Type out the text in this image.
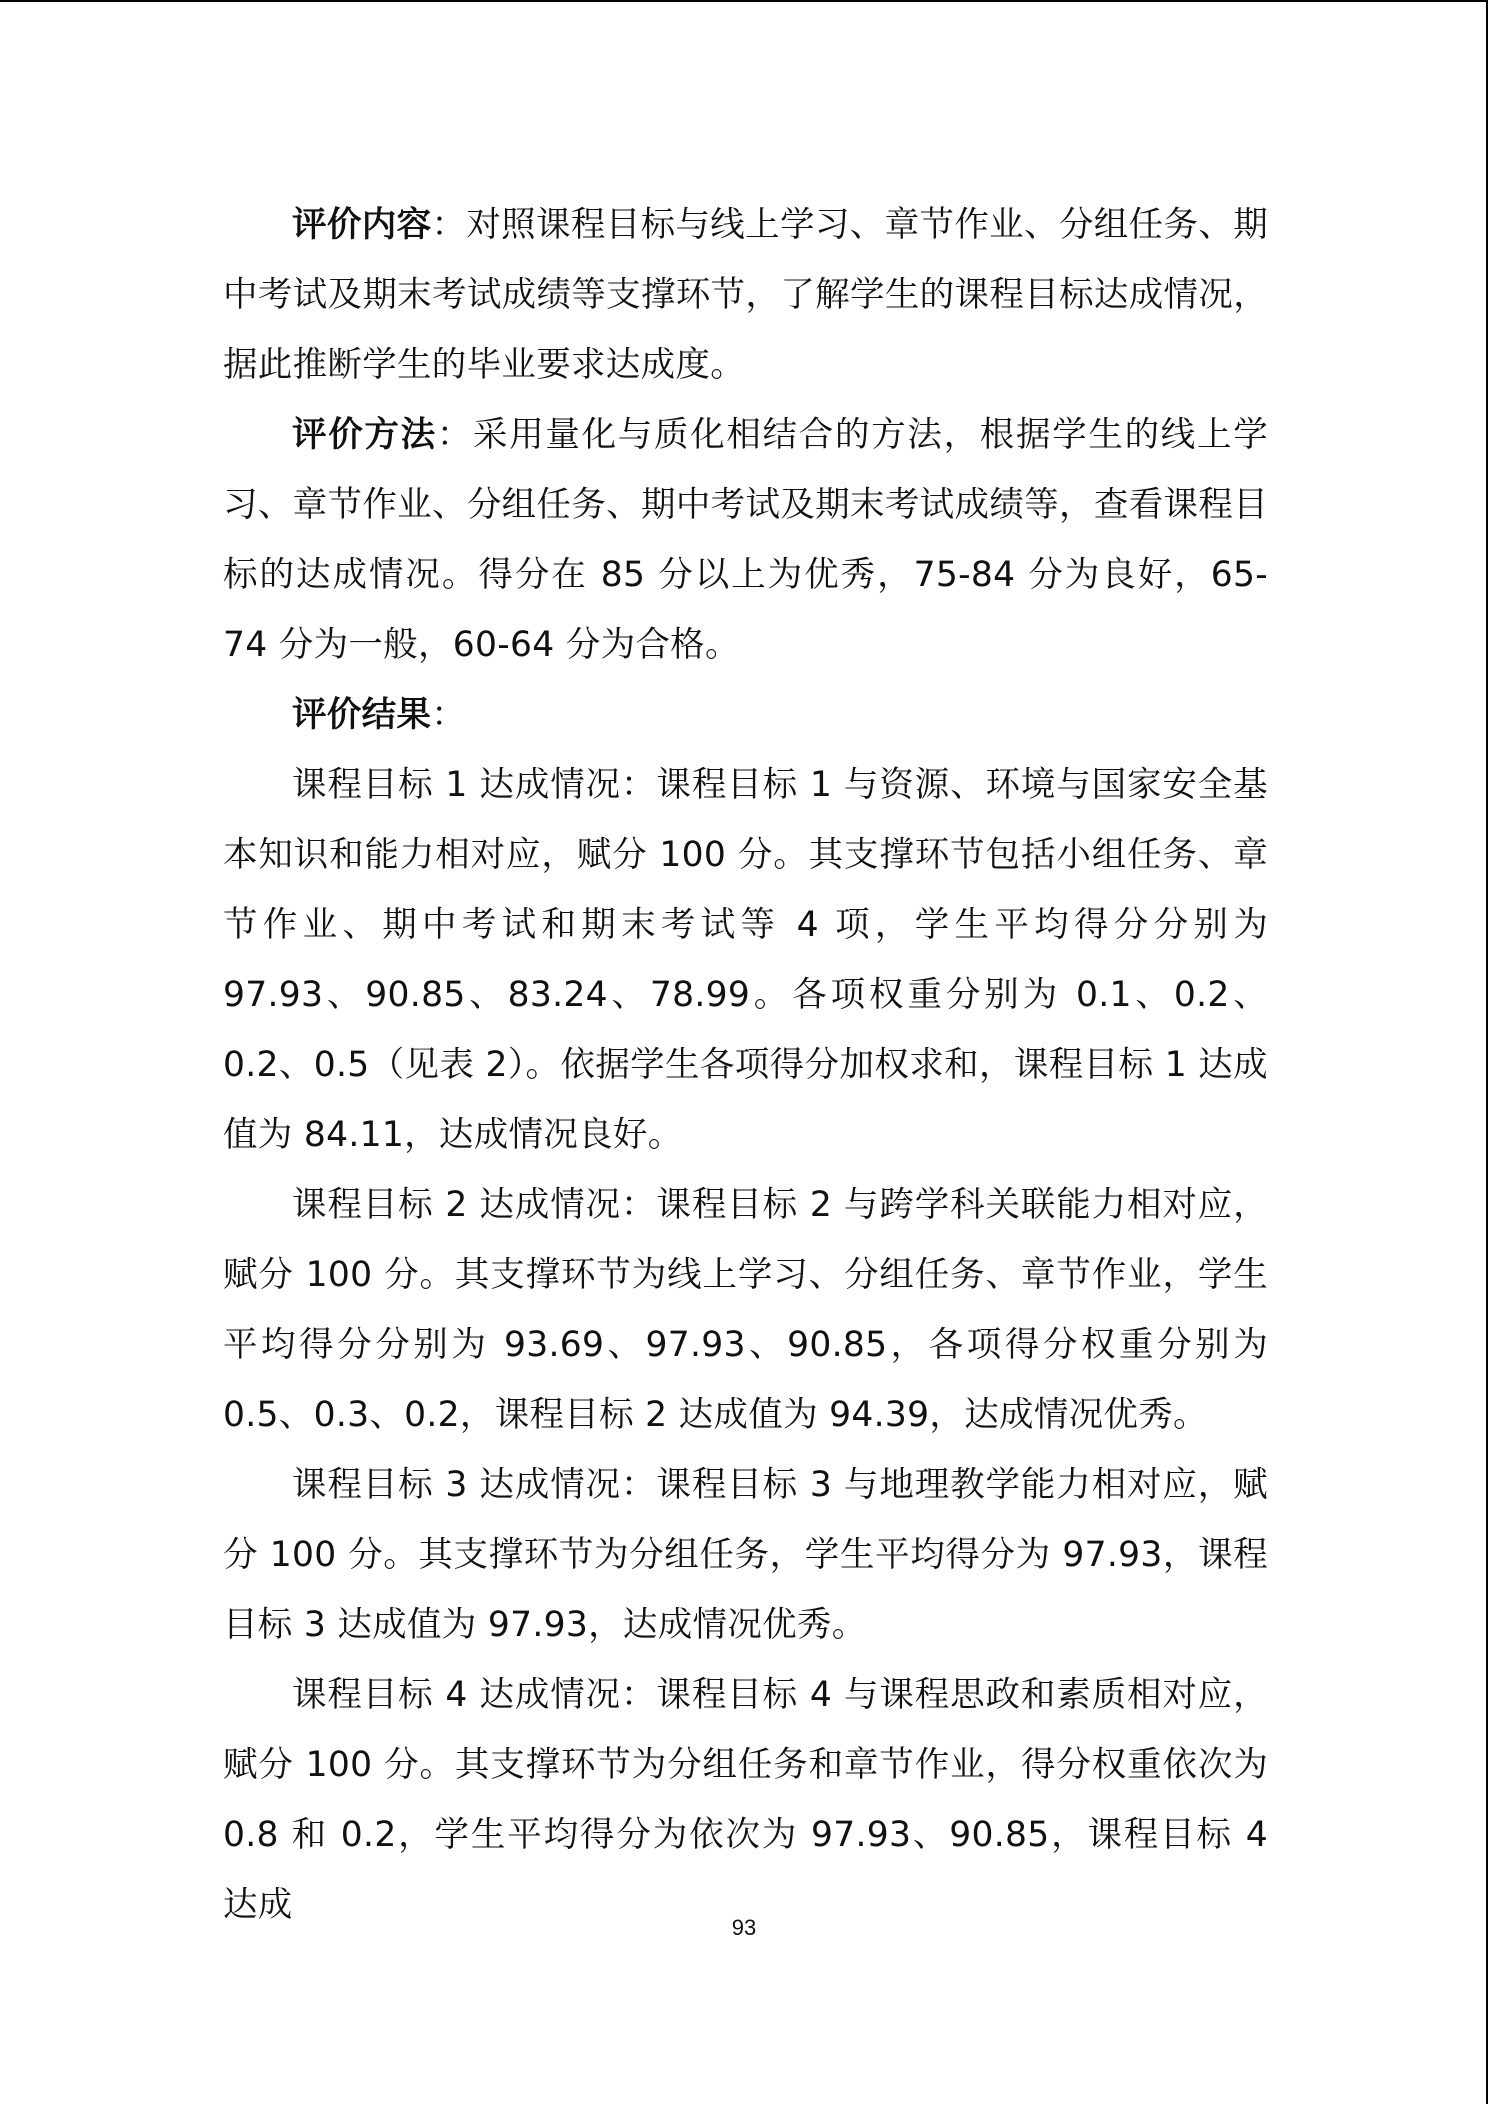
评价内容：对照课程目标与线上学习、章节作业、分组任务、期中考试及期末考试成绩等支撑环节，了解学生的课程目标达成情况，据此推断学生的毕业要求达成度。

评价方法：采用量化与质化相结合的方法，根据学生的线上学习、章节作业、分组任务、期中考试及期末考试成绩等，查看课程目标的达成情况。得分在 85 分以上为优秀，75-84 分为良好，65-74 分为一般，60-64 分为合格。

评价结果：

课程目标 1 达成情况：课程目标 1 与资源、环境与国家安全基本知识和能力相对应，赋分 100 分。其支撑环节包括小组任务、章节作业、期中考试和期末考试等 4 项，学生平均得分分别为 97.93、90.85、83.24、78.99。各项权重分别为 0.1、0.2、0.2、0.5（见表 2）。依据学生各项得分加权求和，课程目标 1 达成值为 84.11，达成情况良好。

课程目标 2 达成情况：课程目标 2 与跨学科关联能力相对应，赋分 100 分。其支撑环节为线上学习、分组任务、章节作业，学生平均得分分别为 93.69、97.93、90.85，各项得分权重分别为 0.5、0.3、0.2，课程目标 2 达成值为 94.39，达成情况优秀。

课程目标 3 达成情况：课程目标 3 与地理教学能力相对应，赋分 100 分。其支撑环节为分组任务，学生平均得分为 97.93，课程目标 3 达成值为 97.93，达成情况优秀。

课程目标 4 达成情况：课程目标 4 与课程思政和素质相对应，赋分 100 分。其支撑环节为分组任务和章节作业，得分权重依次为 0.8 和 0.2，学生平均得分为依次为 97.93、90.85，课程目标 4 达成

93
